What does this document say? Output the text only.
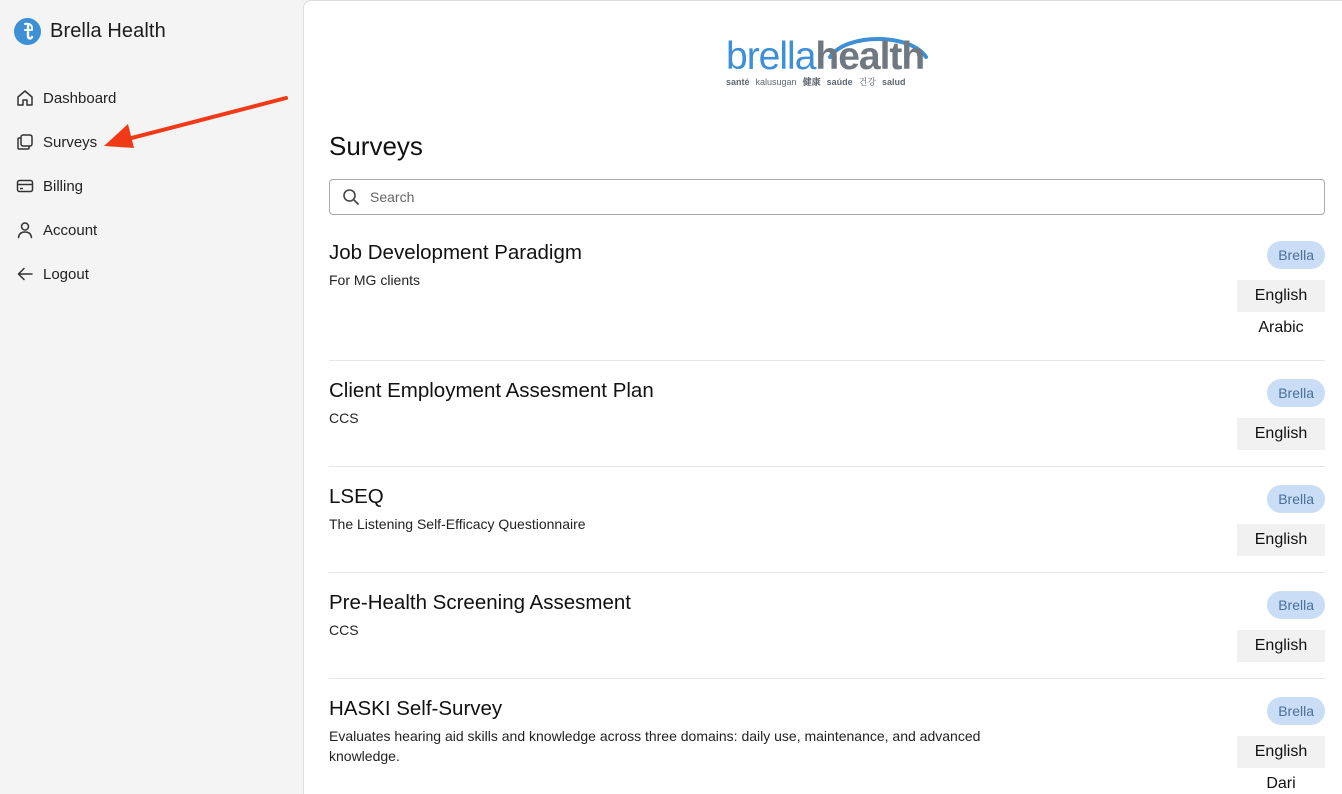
Brella Health
Dashboard
Surveys
Billing
Account
Logout
brellahealth
santé kalusugan 健康 saúde 건강 salud
Surveys
Search
Job Development Paradigm
For MG clients
Brella
English
Arabic
Client Employment Assesment Plan
CCS
Brella
English
LSEQ
The Listening Self-Efficacy Questionnaire
Brella
English
Pre-Health Screening Assesment
CCS
Brella
English
HASKI Self-Survey
Evaluates hearing aid skills and knowledge across three domains: daily use, maintenance, and advanced knowledge.
Brella
English
Dari
